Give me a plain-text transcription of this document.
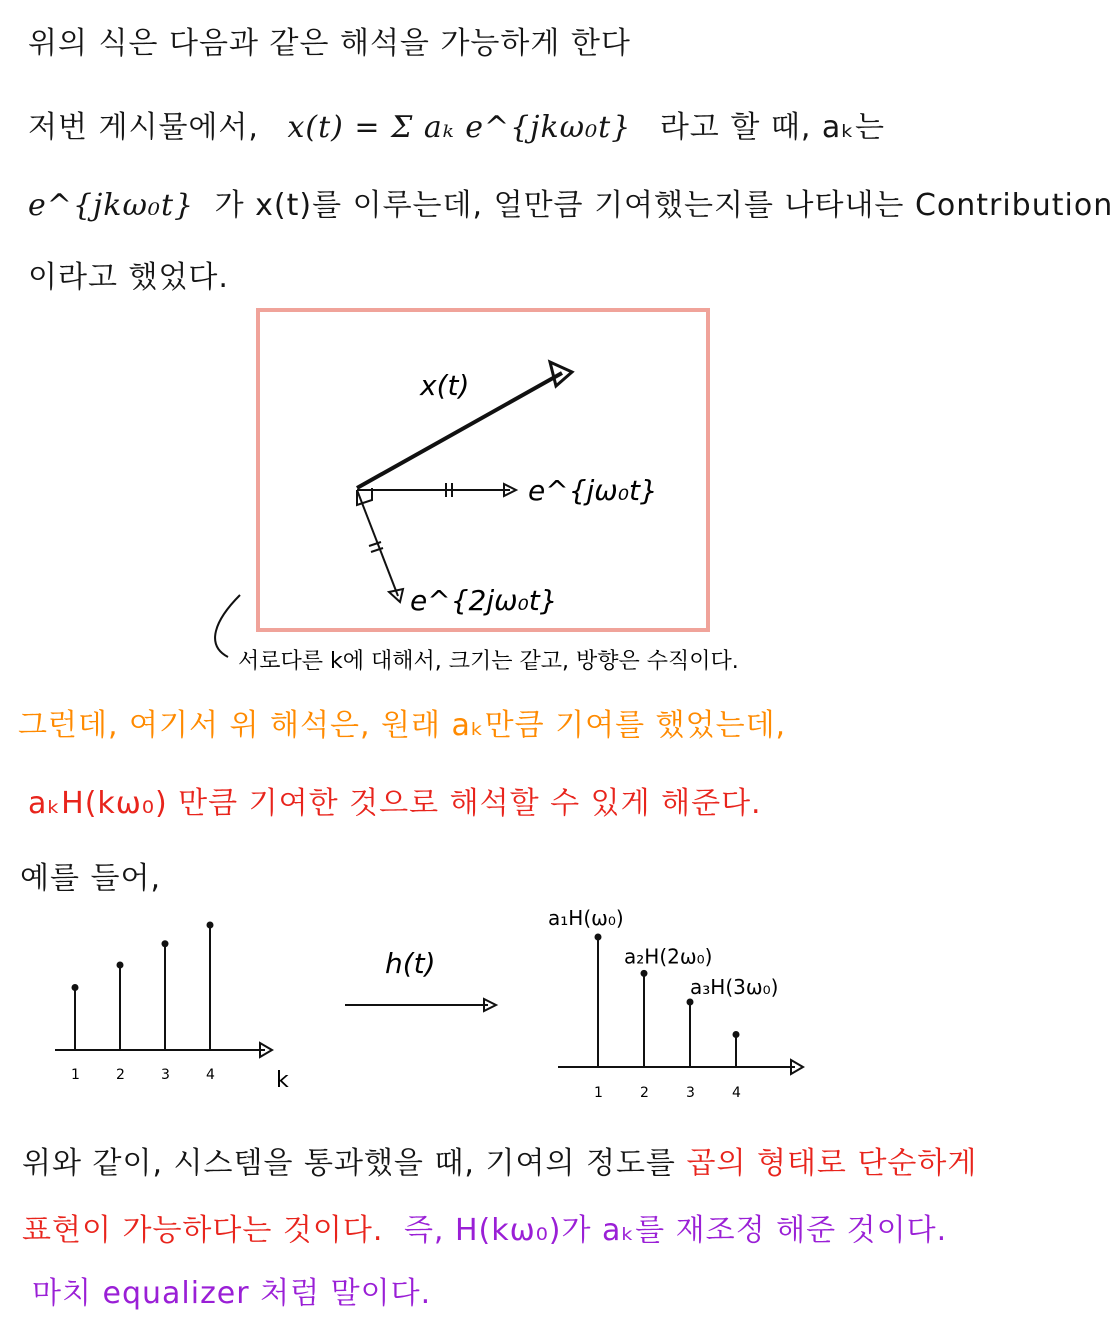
위의 식은 다음과 같은 해석을 가능하게 한다
저번 게시물에서, x(t) = Σ aₖ e^{jkω₀t} 라고 할 때, aₖ는
e^{jkω₀t} 가 x(t)를 이루는데, 얼만큼 기여했는지를 나타내는 Contribution
이라고 했었다.
x(t)
e^{jω₀t}
e^{2jω₀t}
서로다른 k에 대해서, 크기는 같고, 방향은 수직이다.
그런데, 여기서 위 해석은, 원래 aₖ만큼 기여를 했었는데,
aₖH(kω₀) 만큼 기여한 것으로 해석할 수 있게 해준다.
예를 들어,
k
1	2	3	4
h(t)
1
a₁H(ω₀)
2
a₂H(2ω₀)
3
a₃H(3ω₀)
4
위와 같이, 시스템을 통과했을 때, 기여의 정도를 곱의 형태로 단순하게
표현이 가능하다는 것이다. 즉, H(kω₀)가 aₖ를 재조정 해준 것이다.
마치 equalizer 처럼 말이다.
